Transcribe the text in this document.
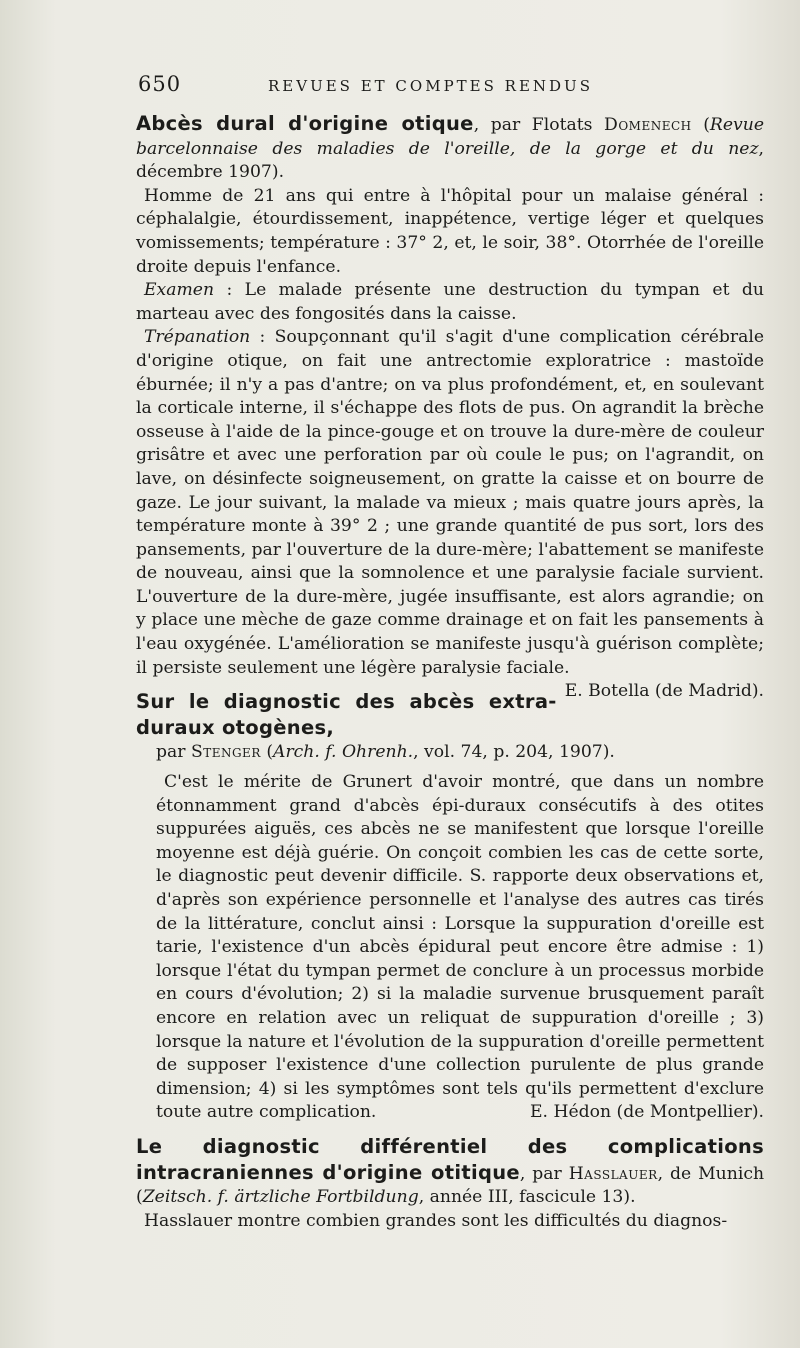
650	REVUES ET COMPTES RENDUS

Abcès dural d'origine otique, par Flotats Domenech (Revue barcelonnaise des maladies de l'oreille, de la gorge et du nez, décembre 1907).

Homme de 21 ans qui entre à l'hôpital pour un malaise général : céphalalgie, étourdissement, inappétence, vertige léger et quelques vomissements; température : 37° 2, et, le soir, 38°. Otorrhée de l'oreille droite depuis l'enfance.

Examen : Le malade présente une destruction du tympan et du marteau avec des fongosités dans la caisse.

Trépanation : Soupçonnant qu'il s'agit d'une complication cérébrale d'origine otique, on fait une antrectomie exploratrice : mastoïde éburnée; il n'y a pas d'antre; on va plus profondément, et, en soulevant la corticale interne, il s'échappe des flots de pus. On agrandit la brèche osseuse à l'aide de la pince-gouge et on trouve la dure-mère de couleur grisâtre et avec une perforation par où coule le pus; on l'agrandit, on lave, on désinfecte soigneusement, on gratte la caisse et on bourre de gaze. Le jour suivant, la malade va mieux ; mais quatre jours après, la température monte à 39° 2 ; une grande quantité de pus sort, lors des pansements, par l'ouverture de la dure-mère; l'abattement se manifeste de nouveau, ainsi que la somnolence et une paralysie faciale survient. L'ouverture de la dure-mère, jugée insuffisante, est alors agrandie; on y place une mèche de gaze comme drainage et on fait les pansements à l'eau oxygénée. L'amélioration se manifeste jusqu'à guérison complète; il persiste seulement une légère paralysie faciale.
E. Botella (de Madrid).

Sur le diagnostic des abcès extra-duraux otogènes,

par Stenger (Arch. f. Ohrenh., vol. 74, p. 204, 1907).

C'est le mérite de Grunert d'avoir montré, que dans un nombre étonnamment grand d'abcès épi-duraux consécutifs à des otites suppurées aiguës, ces abcès ne se manifestent que lorsque l'oreille moyenne est déjà guérie. On conçoit combien les cas de cette sorte, le diagnostic peut devenir difficile. S. rapporte deux observations et, d'après son expérience personnelle et l'analyse des autres cas tirés de la littérature, conclut ainsi : Lorsque la suppuration d'oreille est tarie, l'existence d'un abcès épidural peut encore être admise : 1) lorsque l'état du tympan permet de conclure à un processus morbide en cours d'évolution; 2) si la maladie survenue brusquement paraît encore en relation avec un reliquat de suppuration d'oreille ; 3) lorsque la nature et l'évolution de la suppuration d'oreille permettent de supposer l'existence d'une collection purulente de plus grande dimension; 4) si les symptômes sont tels qu'ils permettent d'exclure toute autre complication.	E. Hédon (de Montpellier).

Le diagnostic différentiel des complications intracraniennes d'origine otitique, par Hasslauer, de Munich (Zeitsch. f. ärtzliche Fortbildung, année III, fascicule 13).

Hasslauer montre combien grandes sont les difficultés du diagnos-
